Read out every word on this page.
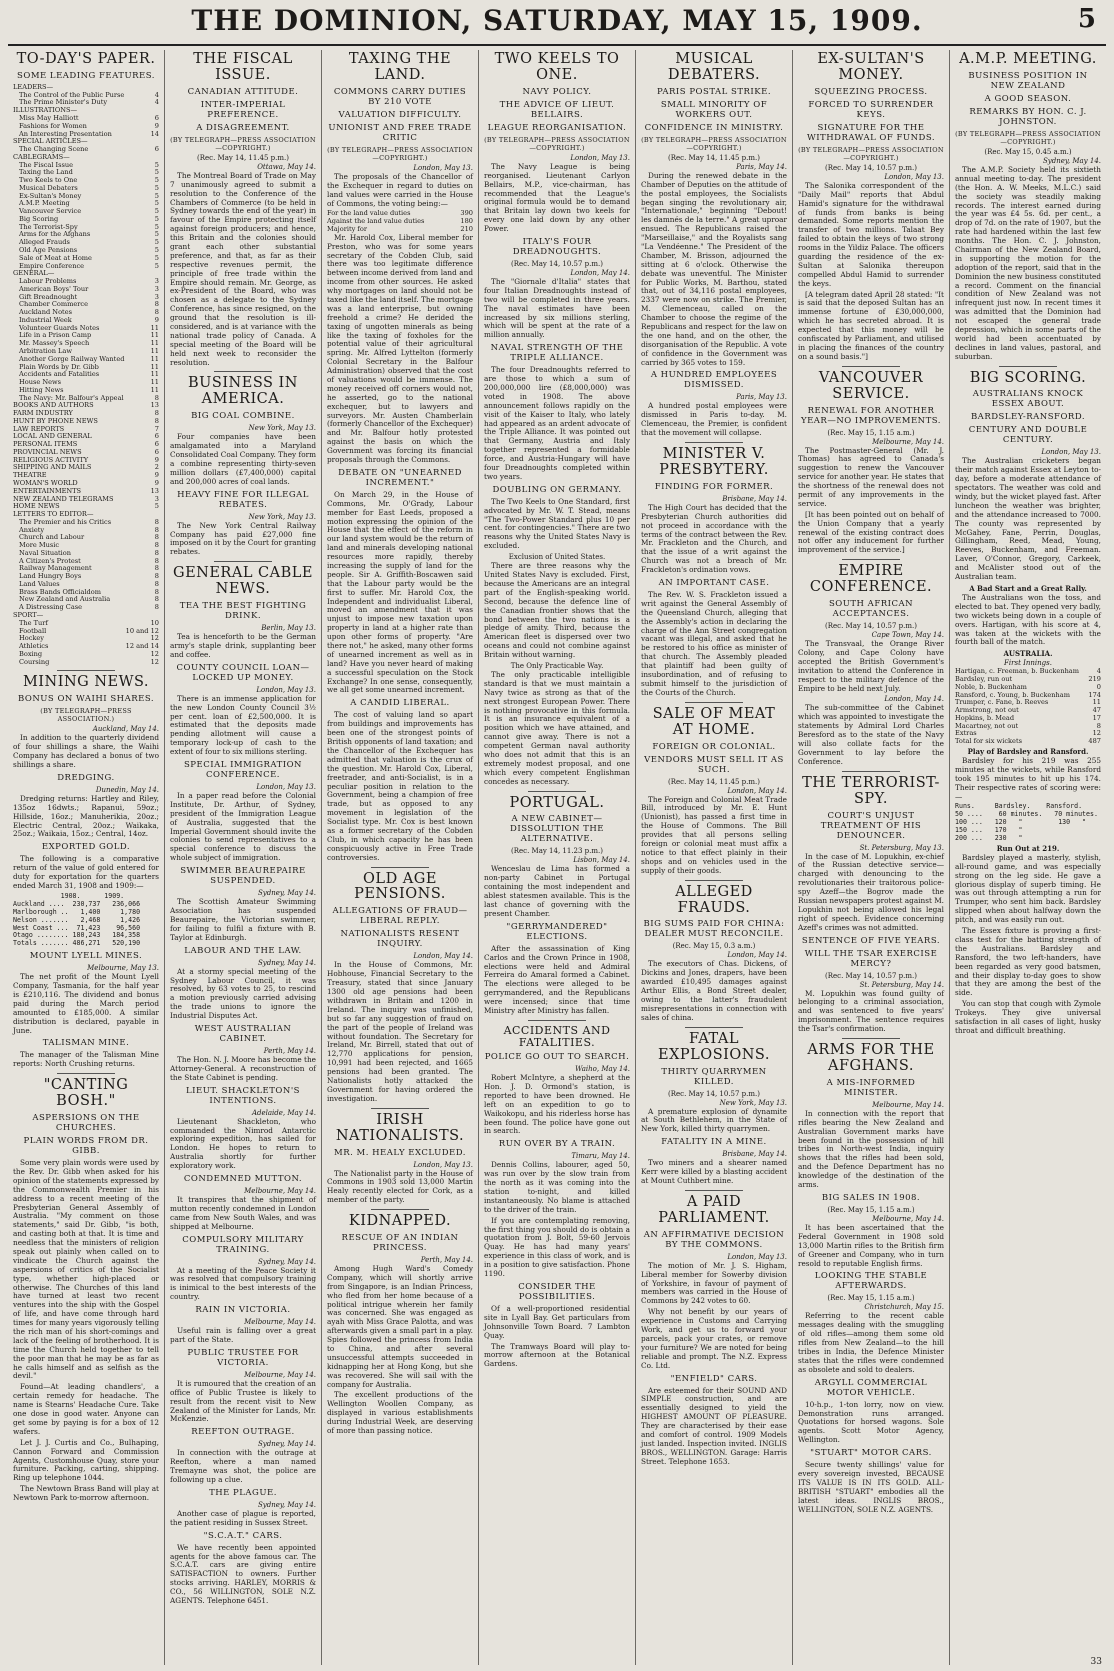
THE DOMINION, SATURDAY, MAY 15, 1909.	5
TO-DAY'S PAPER.
SOME LEADING FEATURES.
LEADERS—
The Control of the Public Purse	4
The Prime Minister's Duty	4
ILLUSTRATIONS—
Miss May Halliott	6
Fashions for Women	9
An Interesting Presentation	14
SPECIAL ARTICLES—
The Changing Scene	6
CABLEGRAMS—
The Fiscal Issue	5
Taxing the Land	5
Two Keels to One	5
Musical Debaters	5
Ex-Sultan's Money	5
A.M.P. Meeting	5
Vancouver Service	5
Big Scoring	5
The Terrorist-Spy	5
Arms for the Afghans	5
Alleged Frauds	5
Old Age Pensions	5
Sale of Meat at Home	5
Empire Conference	5
GENERAL—
Labour Problems	3
American Boys' Tour	3
Gift Breadnought	3
Chamber Commerce	8
Auckland Notes	8
Industrial Week	9
Volunteer Guards Notes	11
Life in a Prison Camp	11
Mr. Massey's Speech	11
Arbitration Law	11
Another Gorge Railway Wanted	11
Plain Words by Dr. Gibb	11
Accidents and Fatalities	11
House News	11
Hitting News	11
The Navy: Mr. Balfour's Appeal	8
BOOKS AND AUTHORS	13
FARM INDUSTRY	8
HUNT BY PHONE NEWS	8
LAW REPORTS	7
LOCAL AND GENERAL	6
PERSONAL ITEMS	6
PROVINCIAL NEWS	6
RELIGIOUS ACTIVITY	9
SHIPPING AND MAILS	2
THEATRE	9
WOMAN'S WORLD	9
ENTERTAINMENTS	13
NEW ZEALAND TELEGRAMS	3
HOME NEWS	5
LETTERS TO EDITOR—
The Premier and his Critics	8
Anxiety	8
Church and Labour	8
More Music	8
Naval Situation	8
A Citizen's Protest	8
Railway Management	8
Land Hungry Boys	8
Land Values	8
Brass Bands Officialdom	8
New Zealand and Australia	8
A Distressing Case	8
SPORT—
The Turf	10
Football	10 and 12
Hockey	12
Athletics	12 and 14
Boxing	12
Coursing	12
MINING NEWS.
BONUS ON WAIHI SHARES.
(BY TELEGRAPH—PRESS ASSOCIATION.)
Auckland, May 14.

In addition to the quarterly dividend of four shillings a share, the Waihi Company has declared a bonus of two shillings a share.

DREDGING.
Dunedin, May 14.

Dredging returns: Hartley and Riley, 135oz 16dwts.; Rapanui, 59oz.; Hillside, 16oz.; Manuherikia, 20oz.; Electric Central, 20oz.; Waikaka, 25oz.; Waikaia, 15oz.; Central, 14oz.

EXPORTED GOLD.

The following is a comparative return of the value of gold entered for duty for exportation for the quarters ended March 31, 1908 and 1909:—

1908.      1909.
Auckland ....  230,737   236,066
Marlborough ..   1,400     1,780
Nelson .......   2,468     1,426
West Coast ...  71,423    96,560
Otago ........ 180,243   184,358
Totals ....... 486,271   520,190
MOUNT LYELL MINES.
Melbourne, May 13.

The net profit of the Mount Lyell Company, Tasmania, for the half year is £210,116. The dividend and bonus paid during the March period amounted to £185,000. A similar distribution is declared, payable in June.

TALISMAN MINE.

The manager of the Talisman Mine reports: North Crushing returns.

"CANTING BOSH."
ASPERSIONS ON THE CHURCHES.
PLAIN WORDS FROM DR. GIBB.

Some very plain words were used by the Rev. Dr. Gibb when asked for his opinion of the statements expressed by the Commonwealth Premier in his address to a recent meeting of the Presbyterian General Assembly of Australia. "My comment on those statements," said Dr. Gibb, "is both, and casting both at that. It is time and needless that the ministers of religion speak out plainly when called on to vindicate the Church against the aspersions of critics of the Socialist type, whether high-placed or otherwise. The Churches of this land have turned at least two recent ventures into the ship with the Gospel of life, and have come through hard times for many years vigorously telling the rich man of his short-comings and lack of the feeling of brotherhood. It is time the Church held together to tell the poor man that he may be as far as he calls himself and as selfish as the devil."

Found—At leading chandlers', a certain remedy for headache. The name is Stearns' Headache Cure. Take one dose in good water. Anyone can get some by paying is for a box of 12 wafers.

Let J. J. Curtis and Co., Bulhaping, Cannon Forward and Commission Agents, Customhouse Quay, store your furniture. Packing, carting, shipping. Ring up telephone 1044.

The Newtown Brass Band will play at Newtown Park to-morrow afternoon.

THE FISCAL ISSUE.
CANADIAN ATTITUDE.
INTER-IMPERIAL PREFERENCE.
A DISAGREEMENT.
(BY TELEGRAPH—PRESS ASSOCIATION—COPYRIGHT.)
(Rec. May 14, 11.45 p.m.)
Ottawa, May 14.

The Montreal Board of Trade on May 7 unanimously agreed to submit a resolution to the Conference of the Chambers of Commerce (to be held in Sydney towards the end of the year) in favour of the Empire protecting itself against foreign producers; and hence, this Britain and the colonies should grant each other substantial preference, and that, as far as their respective revenues permit, the principle of free trade within the Empire should remain. Mr. George, as ex-President of the Board, who was chosen as a delegate to the Sydney Conference, has since resigned, on the ground that the resolution is ill-considered, and is at variance with the national trade policy of Canada. A special meeting of the Board will be held next week to reconsider the resolution.

BUSINESS IN AMERICA.
BIG COAL COMBINE.
New York, May 13.

Four companies have been amalgamated into a Maryland Consolidated Coal Company. They form a combine representing thirty-seven million dollars (£7,400,000) capital and 200,000 acres of coal lands.

HEAVY FINE FOR ILLEGAL REBATES.
New York, May 13.

The New York Central Railway Company has paid £27,000 fine imposed on it by the Court for granting rebates.

GENERAL CABLE NEWS.
TEA THE BEST FIGHTING DRINK.
Berlin, May 13.

Tea is henceforth to be the German army's staple drink, supplanting beer and coffee.

COUNTY COUNCIL LOAN—LOCKED UP MONEY.
London, May 13.

There is an immense application for the new London County Council 3½ per cent. loan of £2,500,000. It is estimated that the deposits made pending allotment will cause a temporary lock-up of cash to the extent of four to six millions sterling.

SPECIAL IMMIGRATION CONFERENCE.
London, May 13.

In a paper read before the Colonial Institute, Dr. Arthur, of Sydney, president of the Immigration League of Australia, suggested that the Imperial Government should invite the colonies to send representatives to a special conference to discuss the whole subject of immigration.

SWIMMER BEAUREPAIRE SUSPENDED.
Sydney, May 14.

The Scottish Amateur Swimming Association has suspended Beaurepaire, the Victorian swimmer, for failing to fulfil a fixture with B. Taylor at Edinburgh.

LABOUR AND THE LAW.
Sydney, May 14.

At a stormy special meeting of the Sydney Labour Council, it was resolved, by 63 votes to 25, to rescind a motion previously carried advising the trade unions to ignore the Industrial Disputes Act.

WEST AUSTRALIAN CABINET.
Perth, May 14.

The Hon. N. J. Moore has become the Attorney-General. A reconstruction of the State Cabinet is pending.

LIEUT. SHACKLETON'S INTENTIONS.
Adelaide, May 14.

Lieutenant Shackleton, who commanded the Nimrod Antarctic exploring expedition, has sailed for London. He hopes to return to Australia shortly for further exploratory work.

CONDEMNED MUTTON.
Melbourne, May 14.

It transpires that the shipment of mutton recently condemned in London came from New South Wales, and was shipped at Melbourne.

COMPULSORY MILITARY TRAINING.
Sydney, May 14.

At a meeting of the Peace Society it was resolved that compulsory training is inimical to the best interests of the country.

RAIN IN VICTORIA.
Melbourne, May 14.

Useful rain is falling over a great part of the State.

PUBLIC TRUSTEE FOR VICTORIA.
Melbourne, May 14.

It is rumoured that the creation of an office of Public Trustee is likely to result from the recent visit to New Zealand of the Minister for Lands, Mr. McKenzie.

REEFTON OUTRAGE.
Sydney, May 14.

In connection with the outrage at Reefton, where a man named Tremayne was shot, the police are following up a clue.

THE PLAGUE.
Sydney, May 14.

Another case of plague is reported, the patient residing in Sussex Street.

"S.C.A.T." CARS.

We have recently been appointed agents for the above famous car. The S.C.A.T. cars are giving entire SATISFACTION to owners. Further stocks arriving. HARLEY, MORRIS & CO., 56 WILLINGTON, SOLE N.Z. AGENTS. Telephone 6451.

TAXING THE LAND.
COMMONS CARRY DUTIES BY 210 VOTE
VALUATION DIFFICULTY.
UNIONIST AND FREE TRADE CRITIC
(BY TELEGRAPH—PRESS ASSOCIATION—COPYRIGHT.)
London, May 13.

The proposals of the Chancellor of the Exchequer in regard to duties on land values were carried in the House of Commons, the voting being:—

For the land value duties	390
Against the land value duties	180
Majority for	210

Mr. Harold Cox, Liberal member for Preston, who was for some years secretary of the Cobden Club, said there was too legitimate difference between income derived from land and income from other sources. He asked why mortgages on land should not be taxed like the land itself. The mortgage was a land enterprise, but owning freehold a crime? He derided the taxing of ungotten minerals as being like the taxing of foxholes for the potential value of their agricultural spring. Mr. Alfred Lyttelton (formerly Colonial Secretary in the Balfour Administration) observed that the cost of valuations would be immense. The money received off corners would not, he asserted, go to the national exchequer, but to lawyers and surveyors. Mr. Austen Chamberlain (formerly Chancellor of the Exchequer) and Mr. Balfour hotly protested against the basis on which the Government was forcing its financial proposals through the Commons.

DEBATE ON "UNEARNED INCREMENT."

On March 29, in the House of Commons, Mr. O'Grady, Labour member for East Leeds, proposed a motion expressing the opinion of the House that the effect of the reform in our land system would be the return of land and minerals developing national resources more rapidly, thereby increasing the supply of land for the people. Sir A. Griffith-Boscawen said that the Labour party would be the first to suffer. Mr. Harold Cox, the Independent and individualist Liberal, moved an amendment that it was unjust to impose new taxation upon property in land at a higher rate than upon other forms of property. "Are there not," he asked, many other forms of unearned increment as well as in land? Have you never heard of making a successful speculation on the Stock Exchange? In one sense, consequently, we all get some unearned increment.

A CANDID LIBERAL.

The cost of valuing land so apart from buildings and improvements has been one of the strongest points of British opponents of land taxation; and the Chancellor of the Exchequer has admitted that valuation is the crux of the question. Mr. Harold Cox, Liberal, freetrader, and anti-Socialist, is in a peculiar position in relation to the Government, being a champion of free trade, but as opposed to any movement in legislation of the Socialist type. Mr. Cox is best known as a former secretary of the Cobden Club, in which capacity he has been conspicuously active in Free Trade controversies.

OLD AGE PENSIONS.
ALLEGATIONS OF FRAUD—LIBERAL REPLY.
NATIONALISTS RESENT INQUIRY.
London, May 14.

In the House of Commons, Mr. Hobhouse, Financial Secretary to the Treasury, stated that since January 1300 old age pensions had been withdrawn in Britain and 1200 in Ireland. The inquiry was unfinished, but so far any suggestion of fraud on the part of the people of Ireland was without foundation. The Secretary for Ireland, Mr. Birrell, stated that out of 12,770 applications for pension, 10,991 had been rejected, and 1665 pensions had been granted. The Nationalists hotly attacked the Government for having ordered the investigation.

IRISH NATIONALISTS.
MR. M. HEALY EXCLUDED.
London, May 13.

The Nationalist party in the House of Commons in 1903 sold 13,000 Martin Healy recently elected for Cork, as a member of the party.

KIDNAPPED.
RESCUE OF AN INDIAN PRINCESS.
Perth, May 14.

Among Hugh Ward's Comedy Company, which will shortly arrive from Singapore, is an Indian Princess, who fled from her home because of a political intrigue wherein her family was concerned. She was engaged as ayah with Miss Grace Palotta, and was afterwards given a small part in a play. Spies followed the princess from India to China, and after several unsuccessful attempts succeeded in kidnapping her at Hong Kong, but she was recovered. She will sail with the company for Australia.

The excellent productions of the Wellington Woollen Company, as displayed in various establishments during Industrial Week, are deserving of more than passing notice.

TWO KEELS TO ONE.
NAVY POLICY.
THE ADVICE OF LIEUT. BELLAIRS.
LEAGUE REORGANISATION.
(BY TELEGRAPH—PRESS ASSOCIATION—COPYRIGHT.)
London, May 13.

The Navy League is being reorganised. Lieutenant Carlyon Bellairs, M.P., vice-chairman, has recommended that the League's original formula would be to demand that Britain lay down two keels for every one laid down by any other Power.

ITALY'S FOUR DREADNOUGHTS.
(Rec. May 14, 10.57 p.m.)
London, May 14.

The "Giornale d'Italia" states that four Italian Dreadnoughts instead of two will be completed in three years. The naval estimates have been increased by six millions sterling, which will be spent at the rate of a million annually.

NAVAL STRENGTH OF THE TRIPLE ALLIANCE.

The four Dreadnoughts referred to are those to which a sum of 200,000,000 lire (£8,000,000) was voted in 1908. The above announcement follows rapidly on the visit of the Kaiser to Italy, who lately had appeared as an ardent advocate of the Triple Alliance. It was pointed out that Germany, Austria and Italy together represented a formidable force, and Austria-Hungary will have four Dreadnoughts completed within two years.

DOUBLING ON GERMANY.

The Two Keels to One Standard, first advocated by Mr. W. T. Stead, means "The Two-Power Standard plus 10 per cent. for contingencies." There are two reasons why the United States Navy is excluded.

Exclusion of United States.

There are three reasons why the United States Navy is excluded. First, because the Americans are an integral part of the English-speaking world. Second, because the defence line of the Canadian frontier shows that the bond between the two nations is a pledge of amity. Third, because the American fleet is dispersed over two oceans and could not combine against Britain without warning.

The Only Practicable Way.

The only practicable intelligible standard is that we must maintain a Navy twice as strong as that of the next strongest European Power. There is nothing provocative in this formula. It is an insurance equivalent of a position which we have attained, and cannot give away. There is not a competent German naval authority who does not admit that this is an extremely modest proposal, and one which every competent Englishman concedes as necessary.

PORTUGAL.
A NEW CABINET—DISSOLUTION THE ALTERNATIVE.
(Rec. May 14, 11.23 p.m.)
Lisbon, May 14.

Wenceslau de Lima has formed a non-party Cabinet in Portugal containing the most independent and ablest statesmen available. This is the last chance of governing with the present Chamber.

"GERRYMANDERED" ELECTIONS.

After the assassination of King Carlos and the Crown Prince in 1908, elections were held and Admiral Ferreira do Amaral formed a Cabinet. The elections were alleged to be gerrymandered, and the Republicans were incensed; since that time Ministry after Ministry has fallen.

ACCIDENTS AND FATALITIES.
POLICE GO OUT TO SEARCH.
Waiho, May 14.

Robert McIntyre, a shepherd at the Hon. J. D. Ormond's station, is reported to have been drowned. He left on an expedition to go to Waikokopu, and his riderless horse has been found. The police have gone out in search.

RUN OVER BY A TRAIN.
Timaru, May 14.

Dennis Collins, labourer, aged 50, was run over by the slow train from the north as it was coming into the station to-night, and killed instantaneously. No blame is attached to the driver of the train.

If you are contemplating removing, the first thing you should do is obtain a quotation from J. Bolt, 59-60 Jervois Quay. He has had many years' experience in this class of work, and is in a position to give satisfaction. Phone 1190.

CONSIDER THE POSSIBILITIES.

Of a well-proportioned residential site in Lyall Bay. Get particulars from Johnsonville Town Board. 7 Lambton Quay.

The Tramways Board will play to-morrow afternoon at the Botanical Gardens.

MUSICAL DEBATERS.
PARIS POSTAL STRIKE.
SMALL MINORITY OF WORKERS OUT.
CONFIDENCE IN MINISTRY.
(BY TELEGRAPH—PRESS ASSOCIATION—COPYRIGHT.)
(Rec. May 14, 11.45 p.m.)
Paris, May 14.

During the renewed debate in the Chamber of Deputies on the attitude of the postal employees, the Socialists began singing the revolutionary air, "Internationale," beginning "Debout! les damnés de la terre." A great uproar ensued. The Republicans raised the "Marseillaise," and the Royalists sang "La Vendéenne." The President of the Chamber, M. Brisson, adjourned the sitting at 6 o'clock. Otherwise the debate was uneventful. The Minister for Public Works, M. Barthou, stated that, out of 34,116 postal employees, 2337 were now on strike. The Premier, M. Clemenceau, called on the Chamber to choose the regime of the Republicans and respect for the law on the one hand, and on the other, the disorganisation of the Republic. A vote of confidence in the Government was carried by 365 votes to 159.

A HUNDRED EMPLOYEES DISMISSED.
Paris, May 13.

A hundred postal employees were dismissed in Paris to-day. M. Clemenceau, the Premier, is confident that the movement will collapse.

MINISTER V. PRESBYTERY.
FINDING FOR FORMER.
Brisbane, May 14.

The High Court has decided that the Presbyterian Church authorities did not proceed in accordance with the terms of the contract between the Rev. Mr. Frackleton and the Church, and that the issue of a writ against the Church was not a breach of Mr. Frackleton's ordination vows.

AN IMPORTANT CASE.

The Rev. W. S. Frackleton issued a writ against the General Assembly of the Queensland Church, alleging that the Assembly's action in declaring the charge of the Ann Street congregation vacant was illegal, and asked that he be restored to his office as minister of that church. The Assembly pleaded that plaintiff had been guilty of insubordination, and of refusing to submit himself to the jurisdiction of the Courts of the Church.

SALE OF MEAT AT HOME.
FOREIGN OR COLONIAL.
VENDORS MUST SELL IT AS SUCH.
(Rec. May 14, 11.45 p.m.)
London, May 14.

The Foreign and Colonial Meat Trade Bill, introduced by Mr. E. Hunt (Unionist), has passed a first time in the House of Commons. The Bill provides that all persons selling foreign or colonial meat must affix a notice to that effect plainly in their shops and on vehicles used in the supply of their goods.

ALLEGED FRAUDS.
BIG SUMS PAID FOR CHINA: DEALER MUST RECONCILE.
(Rec. May 15, 0.3 a.m.)
London, May 14.

The executors of Chas. Dickens, of Dickins and Jones, drapers, have been awarded £10,495 damages against Arthur Ellis, a Bond Street dealer, owing to the latter's fraudulent misrepresentations in connection with sales of china.

FATAL EXPLOSIONS.
THIRTY QUARRYMEN KILLED.
(Rec. May 14, 10.57 p.m.)
New York, May 13.

A premature explosion of dynamite at South Bethlehem, in the State of New York, killed thirty quarrymen.

FATALITY IN A MINE.
Brisbane, May 14.

Two miners and a shearer named Kerr were killed by a blasting accident at Mount Cuthbert mine.

A PAID PARLIAMENT.
AN AFFIRMATIVE DECISION BY THE COMMONS.
London, May 13.

The motion of Mr. J. S. Higham, Liberal member for Sowerby division of Yorkshire, in favour of payment of members was carried in the House of Commons by 242 votes to 60.

Why not benefit by our years of experience in Customs and Carrying Work, and get us to forward your parcels, pack your crates, or remove your furniture? We are noted for being reliable and prompt. The N.Z. Express Co. Ltd.

"ENFIELD" CARS.

Are esteemed for their SOUND AND SIMPLE construction, and are essentially designed to yield the HIGHEST AMOUNT OF PLEASURE. They are characterised by their ease and comfort of control. 1909 Models just landed. Inspection invited. INGLIS BROS., WELLINGTON. Garage: Harris Street. Telephone 1653.

EX-SULTAN'S MONEY.
SQUEEZING PROCESS.
FORCED TO SURRENDER KEYS.
SIGNATURE FOR THE WITHDRAWAL OF FUNDS.
(BY TELEGRAPH—PRESS ASSOCIATION—COPYRIGHT.)
(Rec. May 14, 10.57 p.m.)
London, May 13.

The Salonika correspondent of the "Daily Mail" reports that Abdul Hamid's signature for the withdrawal of funds from banks is being demanded. Some reports mention the transfer of two millions. Talaat Bey failed to obtain the keys of two strong rooms in the Yildiz Palace. The officers guarding the residence of the ex-Sultan at Salonika thereupon compelled Abdul Hamid to surrender the keys.

[A telegram dated April 28 stated: "It is said that the deposed Sultan has an immense fortune of £30,000,000, which he has secreted abroad. It is expected that this money will be confiscated by Parliament, and utilised in placing the finances of the country on a sound basis."]

VANCOUVER SERVICE.
RENEWAL FOR ANOTHER YEAR—NO IMPROVEMENTS.
(Rec. May 15, 1.15 a.m.)
Melbourne, May 14.

The Postmaster-General (Mr. J. Thomas) has agreed to Canada's suggestion to renew the Vancouver service for another year. He states that the shortness of the renewal does not permit of any improvements in the service.

[It has been pointed out on behalf of the Union Company that a yearly renewal of the existing contract does not offer any inducement for further improvement of the service.]

EMPIRE CONFERENCE.
SOUTH AFRICAN ACCEPTANCES.
(Rec. May 14, 10.57 p.m.)
Cape Town, May 14.

The Transvaal, the Orange River Colony, and Cape Colony have accepted the British Government's invitation to attend the Conference in respect to the military defence of the Empire to be held next July.

London, May 14.

The sub-committee of the Cabinet which was appointed to investigate the statements by Admiral Lord Charles Beresford as to the state of the Navy will also collate facts for the Government to lay before the Conference.

THE TERRORIST-SPY.
COURT'S UNJUST TREATMENT OF HIS DENOUNCER.
St. Petersburg, May 13.

In the case of M. Lopukhin, ex-chief of the Russian detective service—charged with denouncing to the revolutionaries their traitorous police-spy Azeff—the Bogrov made the Russian newspapers protest against M. Lopukhin not being allowed his legal right of speech. Evidence concerning Azeff's crimes was not admitted.

SENTENCE OF FIVE YEARS.
WILL THE TSAR EXERCISE MERCY?
(Rec. May 14, 10.57 p.m.)
St. Petersburg, May 14.

M. Lopukhin was found guilty of belonging to a criminal association, and was sentenced to five years' imprisonment. The sentence requires the Tsar's confirmation.

ARMS FOR THE AFGHANS.
A MIS-INFORMED MINISTER.
Melbourne, May 14.

In connection with the report that rifles bearing the New Zealand and Australian Government marks have been found in the possession of hill tribes in North-west India, inquiry shows that the rifles had been sold, and the Defence Department has no knowledge of the destination of the arms.

BIG SALES IN 1908.
(Rec. May 15, 1.15 a.m.)
Melbourne, May 14.

It has been ascertained that the Federal Government in 1908 sold 13,000 Martin rifles to the British firm of Greener and Company, who in turn resold to reputable English firms.

LOOKING THE STABLE AFTERWARDS.
(Rec. May 15, 1.15 a.m.)
Christchurch, May 15.

Referring to the recent cable messages dealing with the smuggling of old rifles—among them some old rifles from New Zealand—to the hill tribes in India, the Defence Minister states that the rifles were condemned as obsolete and sold to dealers.

ARGYLL COMMERCIAL MOTOR VEHICLE.

10-h.p., 1-ton lorry, now on view. Demonstration runs arranged. Quotations for horsed wagons. Sole agents. Scott Motor Agency, Wellington.

"STUART" MOTOR CARS.

Secure twenty shillings' value for every sovereign invested, BECAUSE ITS VALUE IS IN ITS GOLD. ALL-BRITISH "STUART" embodies all the latest ideas. INGLIS BROS., WELLINGTON, SOLE N.Z. AGENTS.

A.M.P. MEETING.
BUSINESS POSITION IN NEW ZEALAND
A GOOD SEASON.
REMARKS BY HON. C. J. JOHNSTON.
(BY TELEGRAPH—PRESS ASSOCIATION—COPYRIGHT.)
(Rec. May 15, 0.45 a.m.)
Sydney, May 14.

The A.M.P. Society held its sixtieth annual meeting to-day. The president (the Hon. A. W. Meeks, M.L.C.) said the society was steadily making records. The interest earned during the year was £4 5s. 6d. per cent., a drop of 7d. on the rate of 1907, but the rate had hardened within the last few months. The Hon. C. J. Johnston, Chairman of the New Zealand Board, in supporting the motion for the adoption of the report, said that in the Dominion the new business constituted a record. Comment on the financial condition of New Zealand was not infrequent just now. In recent times it was admitted that the Dominion had not escaped the general trade depression, which in some parts of the world had been accentuated by declines in land values, pastoral, and suburban.

BIG SCORING.
AUSTRALIANS KNOCK ESSEX ABOUT.
BARDSLEY-RANSFORD.
CENTURY AND DOUBLE CENTURY.
London, May 13.

The Australian cricketers began their match against Essex at Leyton to-day, before a moderate attendance of spectators. The weather was cold and windy, but the wicket played fast. After luncheon the weather was brighter, and the attendance increased to 7000. The county was represented by McGahey, Fane, Perrin, Douglas, Gillingham, Reed, Mead, Young, Reeves, Buckenham, and Freeman. Laver, O'Connor, Gregory, Carkeek, and McAlister stood out of the Australian team.

A Bad Start and a Great Rally.

The Australians won the toss, and elected to bat. They opened very badly, two wickets being down in a couple of overs. Hartigan, with his score at 4, was taken at the wickets with the fourth ball of the match.

AUSTRALIA.
First Innings.
Hartigan, c. Freeman, b. Buckenham	4
Bardsley, run out	219
Noble, b. Buckenham	0
Ransford, c. Young, b. Buckenham	174
Trumper, c. Fane, b. Reeves	11
Armstrong, not out	47
Hopkins, b. Mead	17
Macartney, not out	8
Extras	12
Total for six wickets	487
Play of Bardsley and Ransford.

Bardsley for his 219 was 255 minutes at the wickets, while Ransford took 195 minutes to hit up his 174. Their respective rates of scoring were:—

Runs.     Bardsley.    Ransford.
50 ....    60 minutes.   70 minutes.
100 ...   120   "         130   "
150 ...   170   "
200 ...   230   "
Run Out at 219.

Bardsley played a masterly, stylish, all-round game, and was especially strong on the leg side. He gave a glorious display of superb timing. He was out through attempting a run for Trumper, who sent him back. Bardsley slipped when about halfway down the pitch, and was easily run out.

The Essex fixture is proving a first-class test for the batting strength of the Australians. Bardsley and Ransford, the two left-handers, have been regarded as very good batsmen, and their display to-day goes to show that they are among the best of the side.

You can stop that cough with Zymole Trokeys. They give universal satisfaction in all cases of light, husky throat and difficult breathing.

33
